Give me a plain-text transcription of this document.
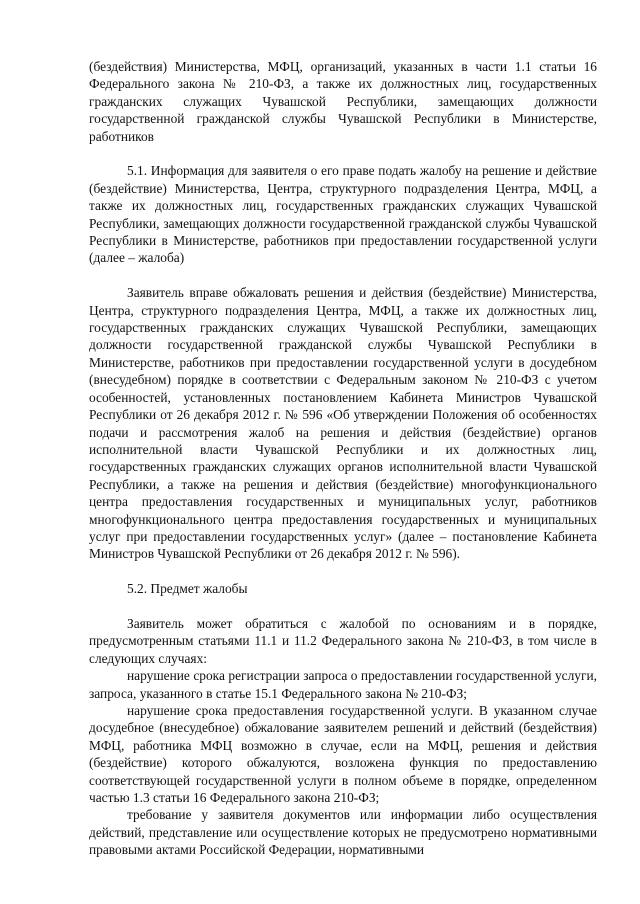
(бездействия) Министерства, МФЦ, организаций, указанных в части 1.1 статьи 16 Федерального закона № 210-ФЗ, а также их должностных лиц, государственных гражданских служащих Чувашской Республики, замещающих должности государственной гражданской службы Чувашской Республики в Министерстве, работников

5.1. Информация для заявителя о его праве подать жалобу на решение и действие (бездействие) Министерства, Центра, структурного подразделения Центра, МФЦ, а также их должностных лиц, государственных гражданских служащих Чувашской Республики, замещающих должности государственной гражданской службы Чувашской Республики в Министерстве, работников при предоставлении государственной услуги (далее – жалоба)

Заявитель вправе обжаловать решения и действия (бездействие) Министерства, Центра, структурного подразделения Центра, МФЦ, а также их должностных лиц, государственных гражданских служащих Чувашской Республики, замещающих должности государственной гражданской службы Чувашской Республики в Министерстве, работников при предоставлении государственной услуги в досудебном (внесудебном) порядке в соответствии с Федеральным законом № 210-ФЗ с учетом особенностей, установленных постановлением Кабинета Министров Чувашской Республики от 26 декабря 2012 г. № 596 «Об утверждении Положения об особенностях подачи и рассмотрения жалоб на решения и действия (бездействие) органов исполнительной власти Чувашской Республики и их должностных лиц, государственных гражданских служащих органов исполнительной власти Чувашской Республики, а также на решения и действия (бездействие) многофункционального центра предоставления государственных и муниципальных услуг, работников многофункционального центра предоставления государственных и муниципальных услуг при предоставлении государственных услуг» (далее – постановление Кабинета Министров Чувашской Республики от 26 декабря 2012 г. № 596).

5.2. Предмет жалобы

Заявитель может обратиться с жалобой по основаниям и в порядке, предусмотренным статьями 11.1 и 11.2 Федерального закона № 210-ФЗ, в том числе в следующих случаях:

нарушение срока регистрации запроса о предоставлении государственной услуги, запроса, указанного в статье 15.1 Федерального закона № 210-ФЗ;

нарушение срока предоставления государственной услуги. В указанном случае досудебное (внесудебное) обжалование заявителем решений и действий (бездействия) МФЦ, работника МФЦ возможно в случае, если на МФЦ, решения и действия (бездействие) которого обжалуются, возложена функция по предоставлению соответствующей государственной услуги в полном объеме в порядке, определенном частью 1.3 статьи 16 Федерального закона 210-ФЗ;

требование у заявителя документов или информации либо осуществления действий, представление или осуществление которых не предусмотрено нормативными правовыми актами Российской Федерации, нормативными
